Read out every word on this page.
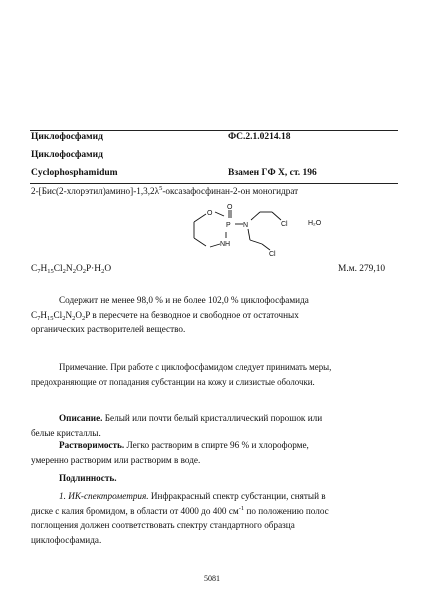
Циклофосфамид	ФС.2.1.0214.18
Циклофосфамид
Cyclophosphamidum	Взамен ГФ X, ст. 196
$2-[Бис(2-хлорэтил)амино]-1,3,2\lambda^5-оксазафосфинан-2-он$ моногидрат
O
O
P N
NH
Cl
Cl
H₂O
$C_7H_{15}Cl_2N_2O_2P\cdot H_2O$	М.м. 279,10
Содержит не менее 98,0 % и не более 102,0 % циклофосфамида
$C_7H_{15}Cl_2N_2O_2P$ в пересчете на безводное и свободное от остаточных
органических растворителей вещество.
Примечание. При работе с циклофосфамидом следует принимать меры,
предохраняющие от попадания субстанции на кожу и слизистые оболочки.
Описание. Белый или почти белый кристаллический порошок или
белые кристаллы.
Растворимость. Легко растворим в спирте 96 % и хлороформе,
умеренно растворим или растворим в воде.
Подлинность.
1. ИК-спектрометрия. Инфракрасный спектр субстанции, снятый в
диске с калия бромидом, в области от 4000 до 400 $см^{-1}$ по положению полос
поглощения должен соответствовать спектру стандартного образца
циклофосфамида.
5081
